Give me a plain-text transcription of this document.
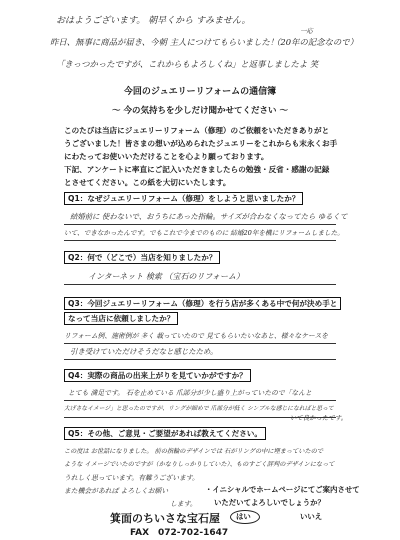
おはようございます。 朝早くから すみません。
一応
昨日、無事に商品が届き、今朝 主人につけてもらいました！
（20年の記念なので）
「きっつかったですが、これからもよろしくね」と返事しましたよ 笑
今回のジュエリーリフォームの通信簿
～ 今の気持ちを少しだけ聞かせてください ～
このたびは当店にジュエリーリフォーム（修理）のご依頼をいただきありがと
うございました！皆さまの想いが込められたジュエリーをこれからも末永くお手
にわたってお使いいただけることを心より願っております。
下記、アンケートに率直にご記入いただきましたらの勉強・反省・感謝の記録
とさせてください。この紙を大切にいたします。
Q1：なぜジュエリーリフォーム（修理）をしようと思いましたか？
結婚前に 使わないで、おうちにあった指輪。サイズが合わなくなってたら ゆるくて
いて、できなかったんです。でもこれで今までのものに 結婚20年を機にリフォームしました。
Q2：何で（どこで）当店を知りましたか？
インターネット 検索 （宝石のリフォーム）
Q3：今回ジュエリーリフォーム（修理）を行う店が多くある中で何が決め手と
なって当店に依頼しましたか？
リフォーム例、施術例が 多く 載っていたので 見てもらいたいなあと、様々なケースを
引き受けていただけそうだなと感じたため。
Q4：実際の商品の出来上がりを見ていかがですか？
とても 満足です。 石を止めている 爪部分が少し盛り上がっていたので「なんと
大げさなイメージ」と思ったのですが、リングが細めで 爪部分が低く シンプルな感じになればと思って
いて良かったです。
Q5：その他、ご意見・ご要望があれば教えてください。
この度は お世話になりました。 前の指輪のデザインでは 石がリングの中に埋まっていたので
ような イメージでいたのですが（かなりしっかりしていた）、ものすごく評判のデザインになって
うれしく思っています。有難うございます。
また機会があれば よろしくお願い
します。
・イニシャルでホームページにてご案内させて
いただいてよろしいでしょうか？
はい	いいえ
箕面のちいさな宝石屋
FAX　072-702-1647
